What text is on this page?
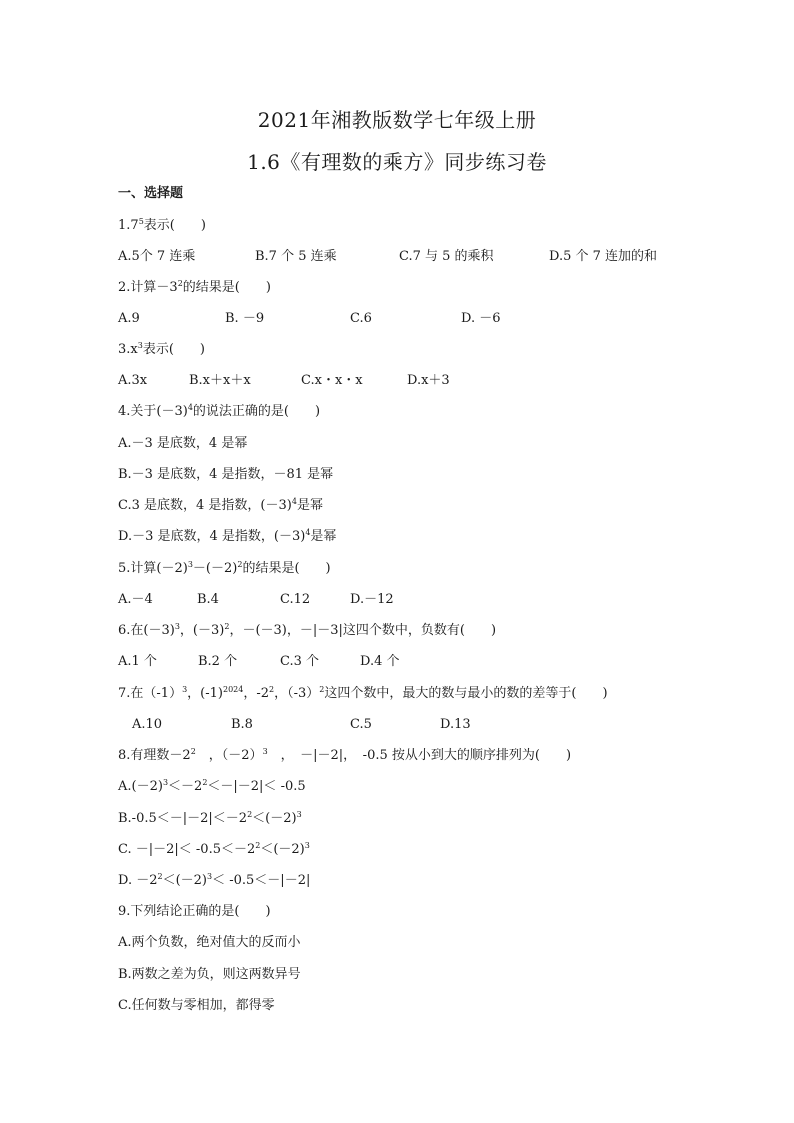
2021年湘教版数学七年级上册
1.6《有理数的乘方》同步练习卷
一、选择题
$1.7^5$表示(　　)
A.5个 7 连乘	B.7 个 5 连乘	C.7 与 5 的乘积	D.5 个 7 连加的和
2.计算$-3^2$的结果是(　　)
A.9	B. －9	C.6	D. －6
$3.x^3$表示(　　)
A.3x	B.x＋x＋x	C.x・x・x	D.x＋3
4.关于$(-3)^4$的说法正确的是(　　)
A.－3 是底数，4 是幂
B.－3 是底数，4 是指数，－81 是幂
C.3 是底数，4 是指数，$(-3)^4$是幂
D.－3 是底数，4 是指数，$(-3)^4$是幂
5.计算$(-2)^3-(-2)^2$的结果是(　　)
A.－4	B.4	C.12	D.－12
6.在$(-3)^3$，$(-3)^2$，－(－3)，－|－3|这四个数中，负数有(　　)
A.1 个	B.2 个	C.3 个	D.4 个
7.在$(-1)^3$，$(-1)^{2024}$，$-2^2$，$(-3)^2$这四个数中，最大的数与最小的数的差等于(　　)
A.10	B.8	C.5	D.13
8.有理数$-2^2$　，$(-2)^3$　，　－|－2|，　-0.5 按从小到大的顺序排列为(　　)
$A.(-2)^3<-2^2<-|-2|< -0.5$
$B.-0.5<-|-2|<-2^2<(-2)^3$
C. $-|-2|< -0.5<-2^2<(-2)^3$
D. $-2^2<(-2)^3< -0.5<-|-2|$
9.下列结论正确的是(　　)
A.两个负数，绝对值大的反而小
B.两数之差为负，则这两数异号
C.任何数与零相加，都得零
